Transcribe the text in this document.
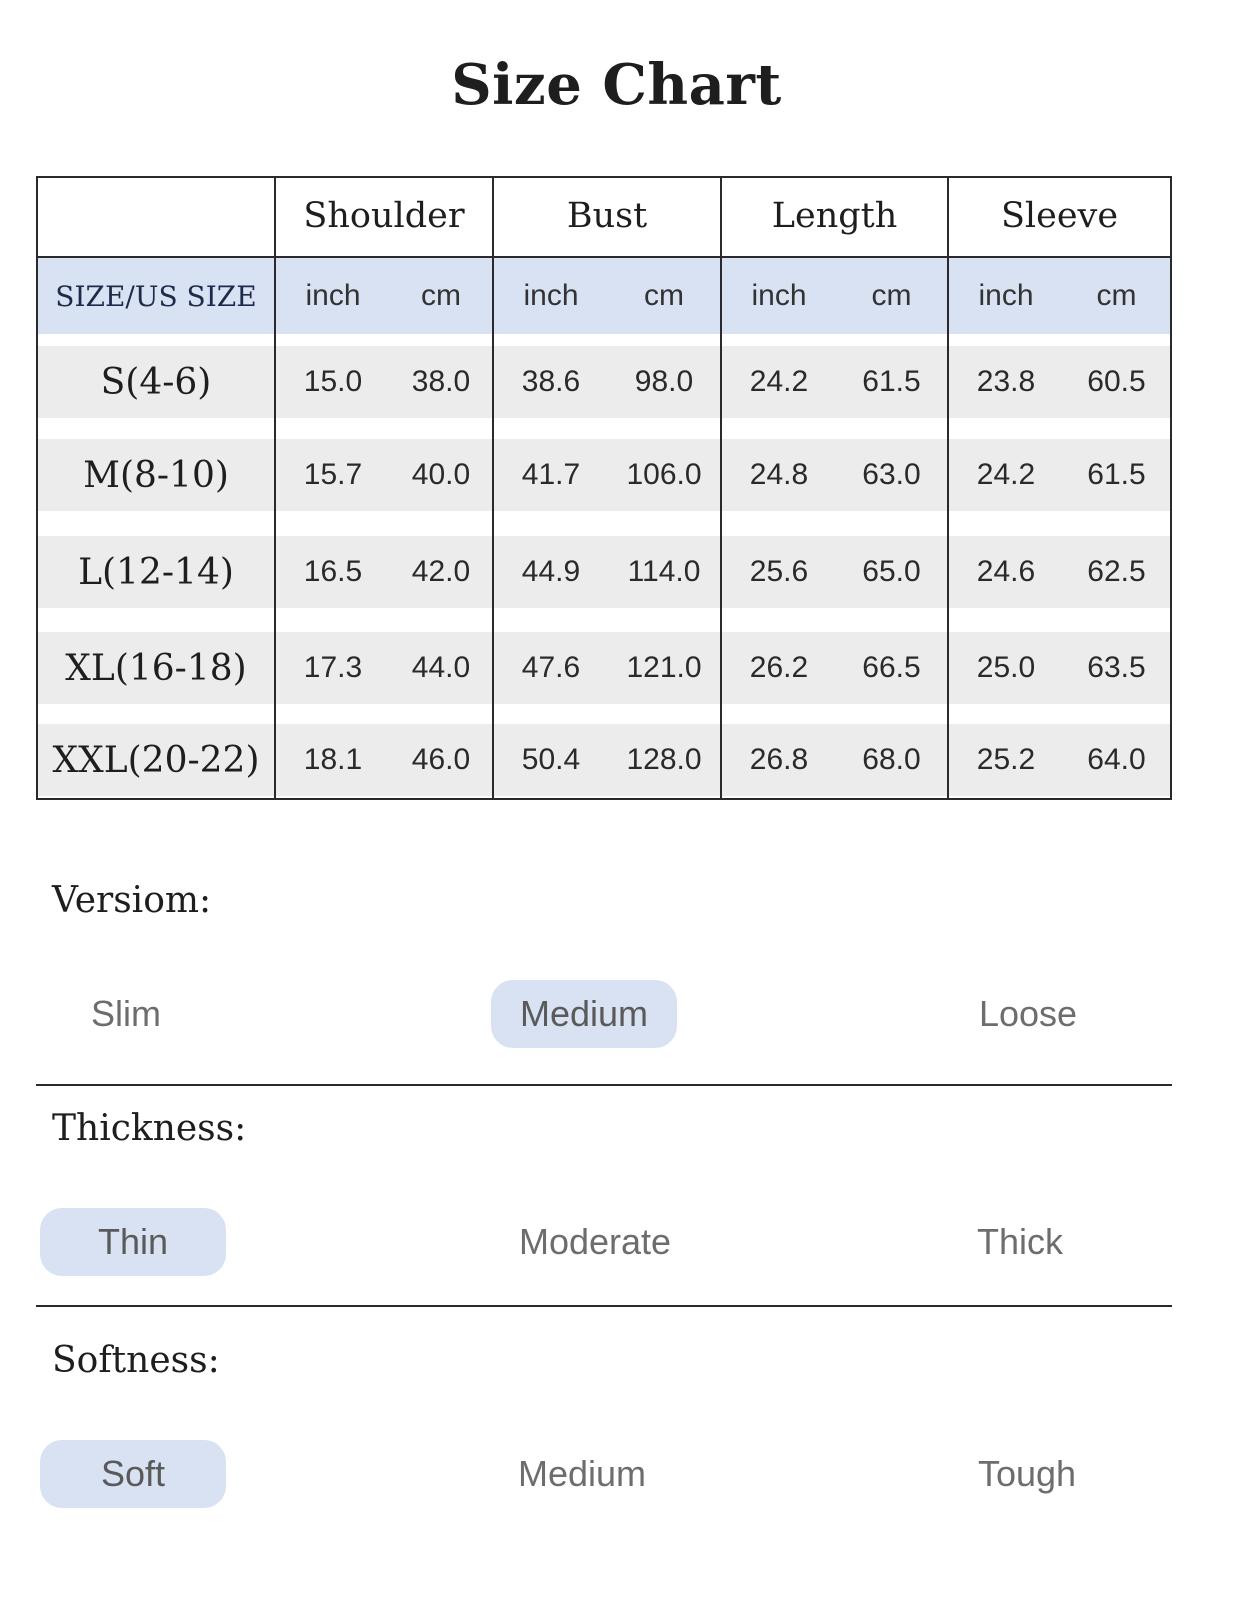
Size Chart
SIZE/US SIZE
Shoulder	Bust	Length	Sleeve
inch	cm	inch	cm	inch	cm	inch	cm
S(4-6)	15.0	38.0	38.6	98.0	24.2	61.5	23.8	60.5
M(8-10)	15.7	40.0	41.7	106.0	24.8	63.0	24.2	61.5
L(12-14)	16.5	42.0	44.9	114.0	25.6	65.0	24.6	62.5
XL(16-18)	17.3	44.0	47.6	121.0	26.2	66.5	25.0	63.5
XXL(20-22)	18.1	46.0	50.4	128.0	26.8	68.0	25.2	64.0
Versiom:
Slim	Medium	Loose
Thickness:
Thin	Moderate	Thick
Softness:
Soft	Medium	Tough
